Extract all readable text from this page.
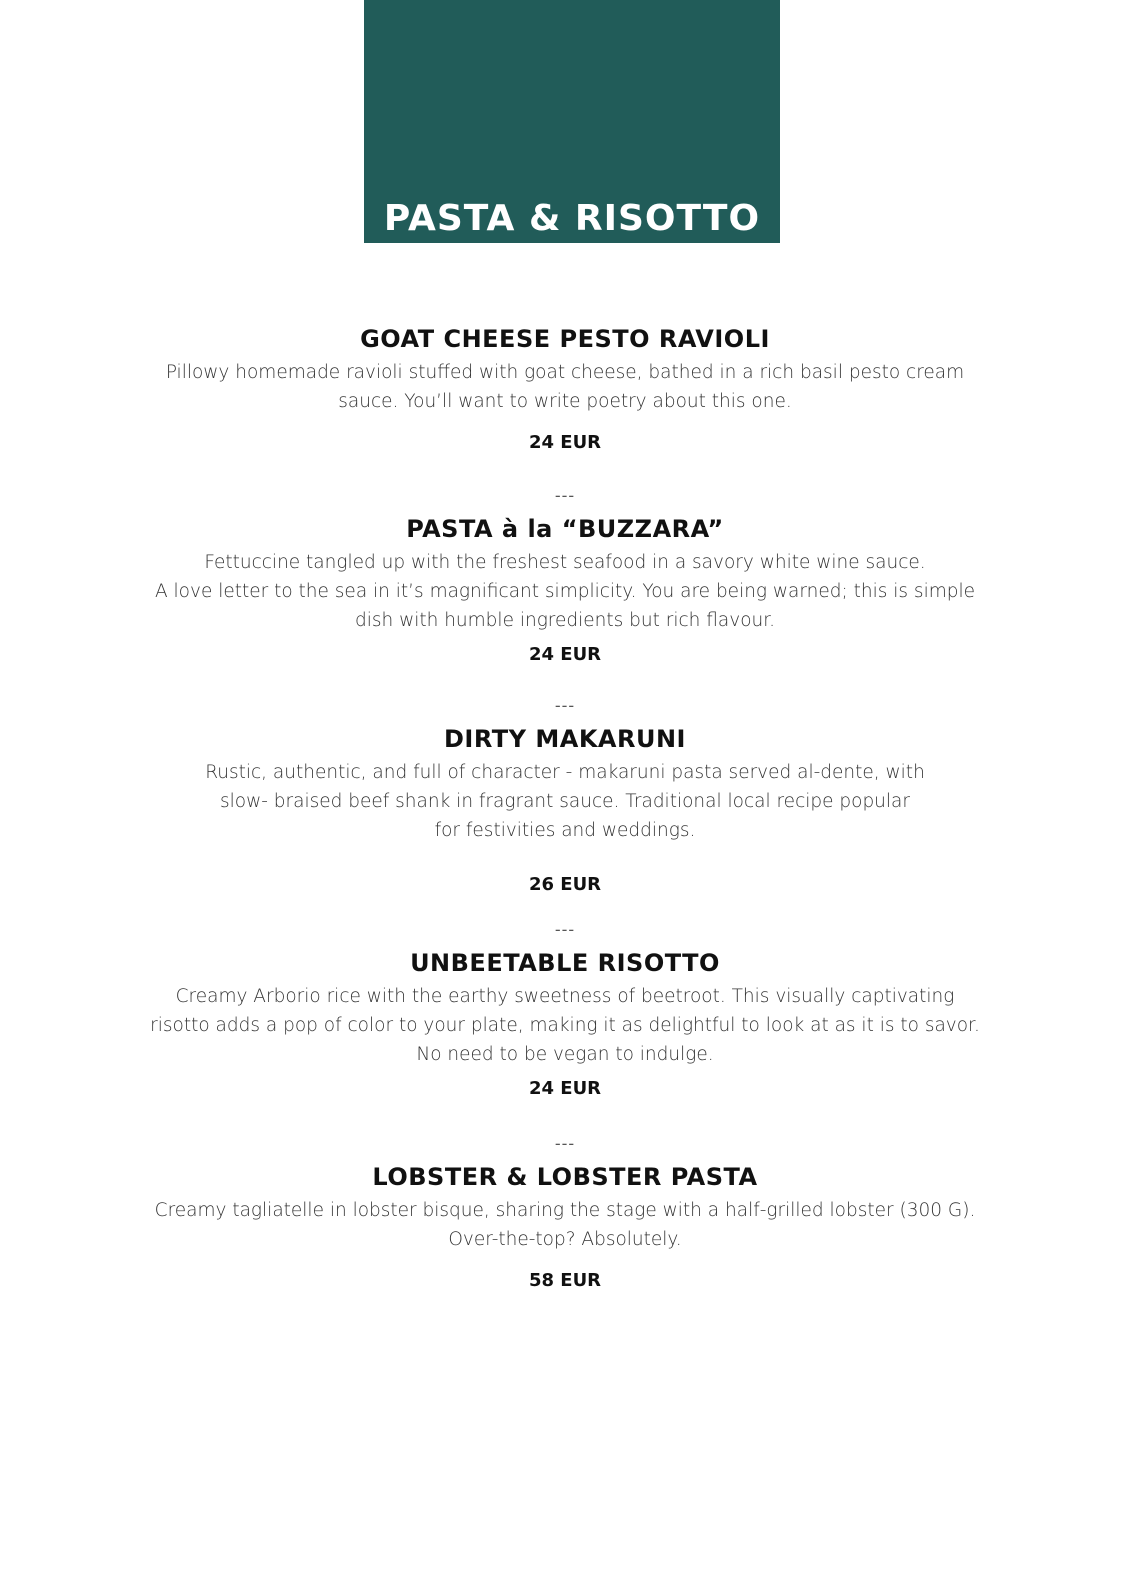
PASTA & RISOTTO
GOAT CHEESE PESTO RAVIOLI

Pillowy homemade ravioli stuffed with goat cheese, bathed in a rich basil pesto cream
sauce. You’ll want to write poetry about this one.

24 EUR

---
PASTA à la “BUZZARA”

Fettuccine tangled up with the freshest seafood in a savory white wine sauce.
A love letter to the sea in it’s magnificant simplicity. You are being warned; this is simple
dish with humble ingredients but rich flavour.

24 EUR

---
DIRTY MAKARUNI

Rustic, authentic, and full of character - makaruni pasta served al-dente, with
slow- braised beef shank in fragrant sauce. Traditional local recipe popular
for festivities and weddings.

26 EUR

---
UNBEETABLE RISOTTO

Creamy Arborio rice with the earthy sweetness of beetroot. This visually captivating
risotto adds a pop of color to your plate, making it as delightful to look at as it is to savor.
No need to be vegan to indulge.

24 EUR

---
LOBSTER & LOBSTER PASTA

Creamy tagliatelle in lobster bisque, sharing the stage with a half-grilled lobster (300 G).
Over-the-top? Absolutely.

58 EUR
